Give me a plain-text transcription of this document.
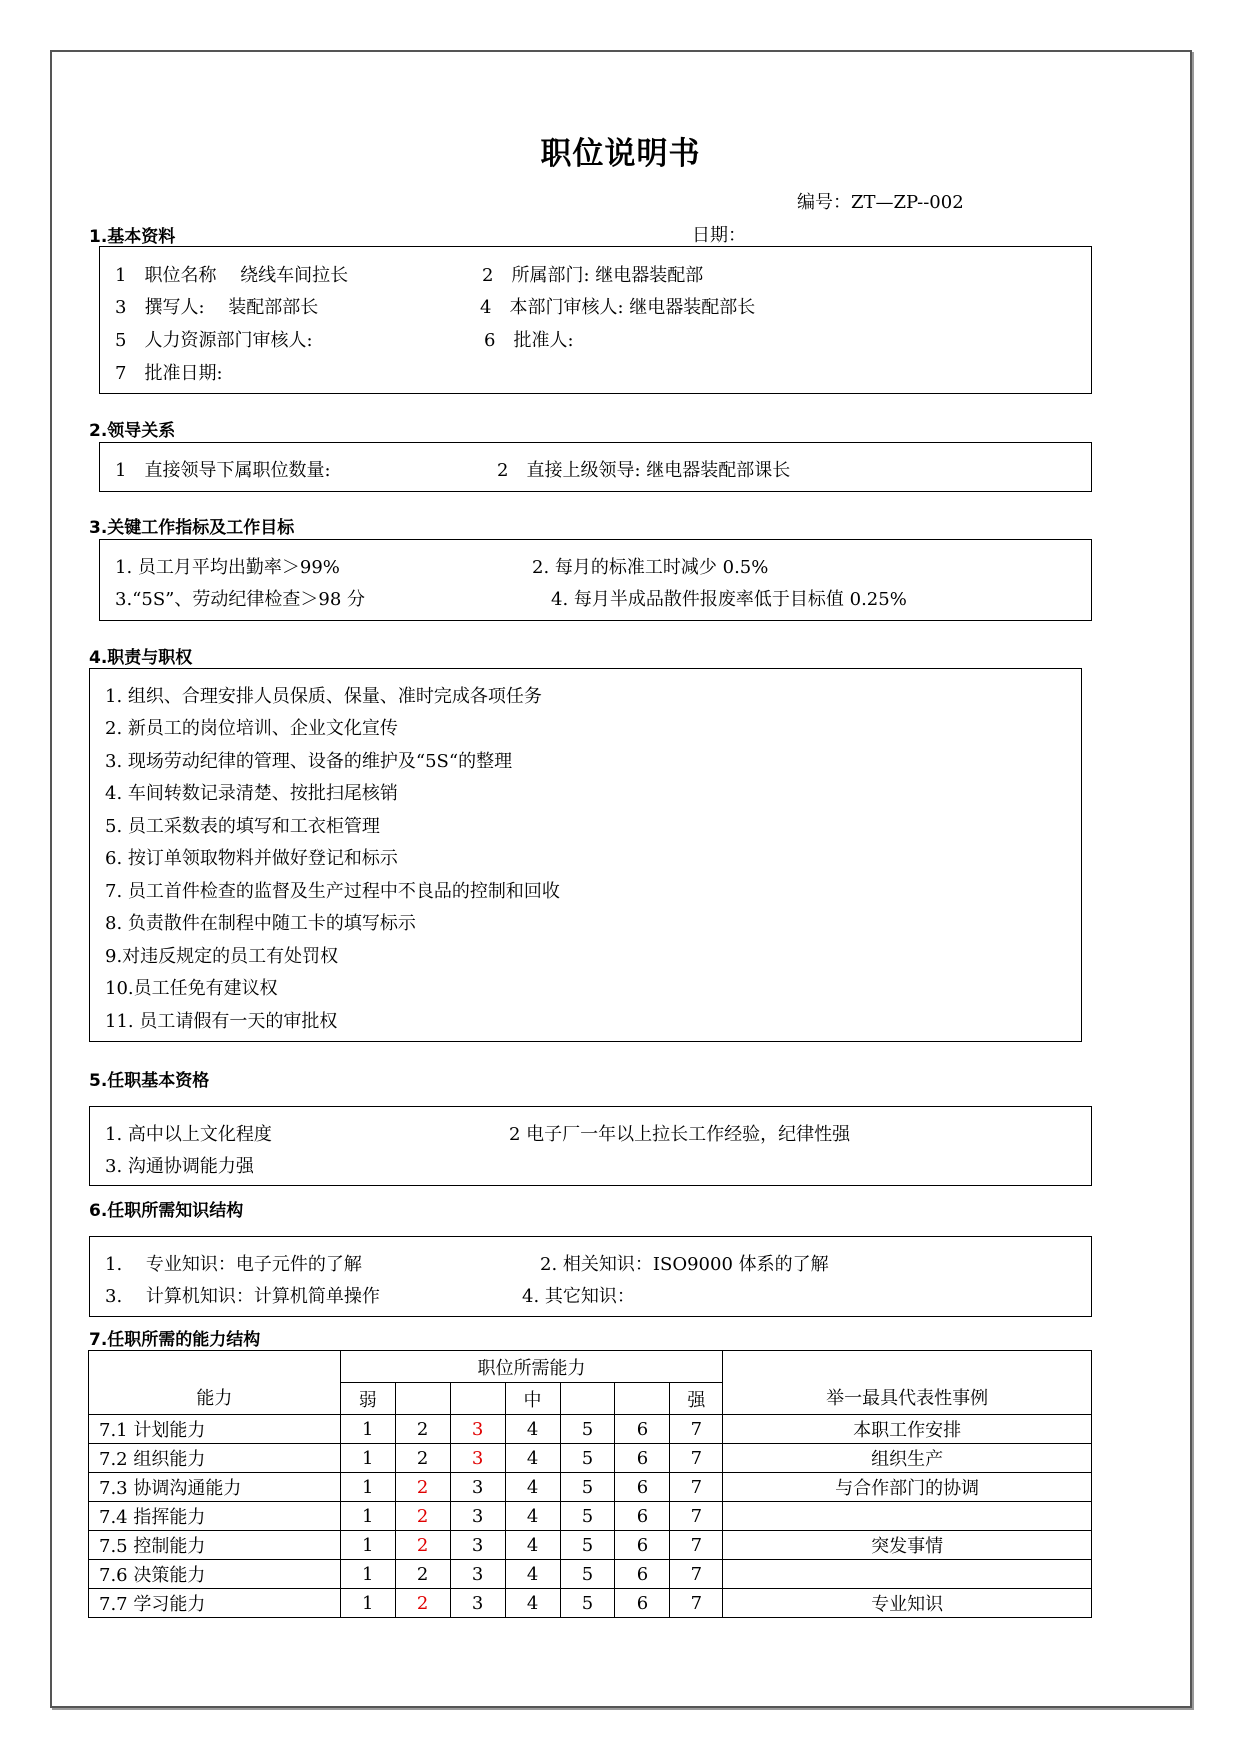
职位说明书
编号：ZT—ZP--002
1.基本资料	日期：
1　职位名称　 绕线车间拉长	2　所属部门: 继电器装配部
3　撰写人:　 装配部部长	4　本部门审核人: 继电器装配部长
5　人力资源部门审核人:	6　批准人:
7　批准日期:
2.领导关系
1　直接领导下属职位数量:	2　直接上级领导: 继电器装配部课长
3.关键工作指标及工作目标
1. 员工月平均出勤率＞99%	2. 每月的标准工时减少 0.5%
3.“5S”、劳动纪律检查＞98 分	4. 每月半成品散件报废率低于目标值 0.25%
4.职责与职权
1. 组织、合理安排人员保质、保量、准时完成各项任务
2. 新员工的岗位培训、企业文化宣传
3. 现场劳动纪律的管理、设备的维护及“5S“的整理
4. 车间转数记录清楚、按批扫尾核销
5. 员工采数表的填写和工衣柜管理
6. 按订单领取物料并做好登记和标示
7. 员工首件检查的监督及生产过程中不良品的控制和回收
8. 负责散件在制程中随工卡的填写标示
9.对违反规定的员工有处罚权
10.员工任免有建议权
11. 员工请假有一天的审批权
5.任职基本资格
1. 高中以上文化程度	2 电子厂一年以上拉长工作经验，纪律性强
3. 沟通协调能力强
6.任职所需知识结构
1.　 专业知识：电子元件的了解	2. 相关知识：ISO9000 体系的了解
3.　 计算机知识：计算机简单操作	4. 其它知识：
7.任职所需的能力结构
能力	职位所需能力							举一最具代表性事例
	弱			中			强	
7.1 计划能力	1	2	3	4	5	6	7	本职工作安排
7.2 组织能力	1	2	3	4	5	6	7	组织生产
7.3 协调沟通能力	1	2	3	4	5	6	7	与合作部门的协调
7.4 指挥能力	1	2	3	4	5	6	7	
7.5 控制能力	1	2	3	4	5	6	7	突发事情
7.6 决策能力	1	2	3	4	5	6	7	
7.7 学习能力	1	2	3	4	5	6	7	专业知识
